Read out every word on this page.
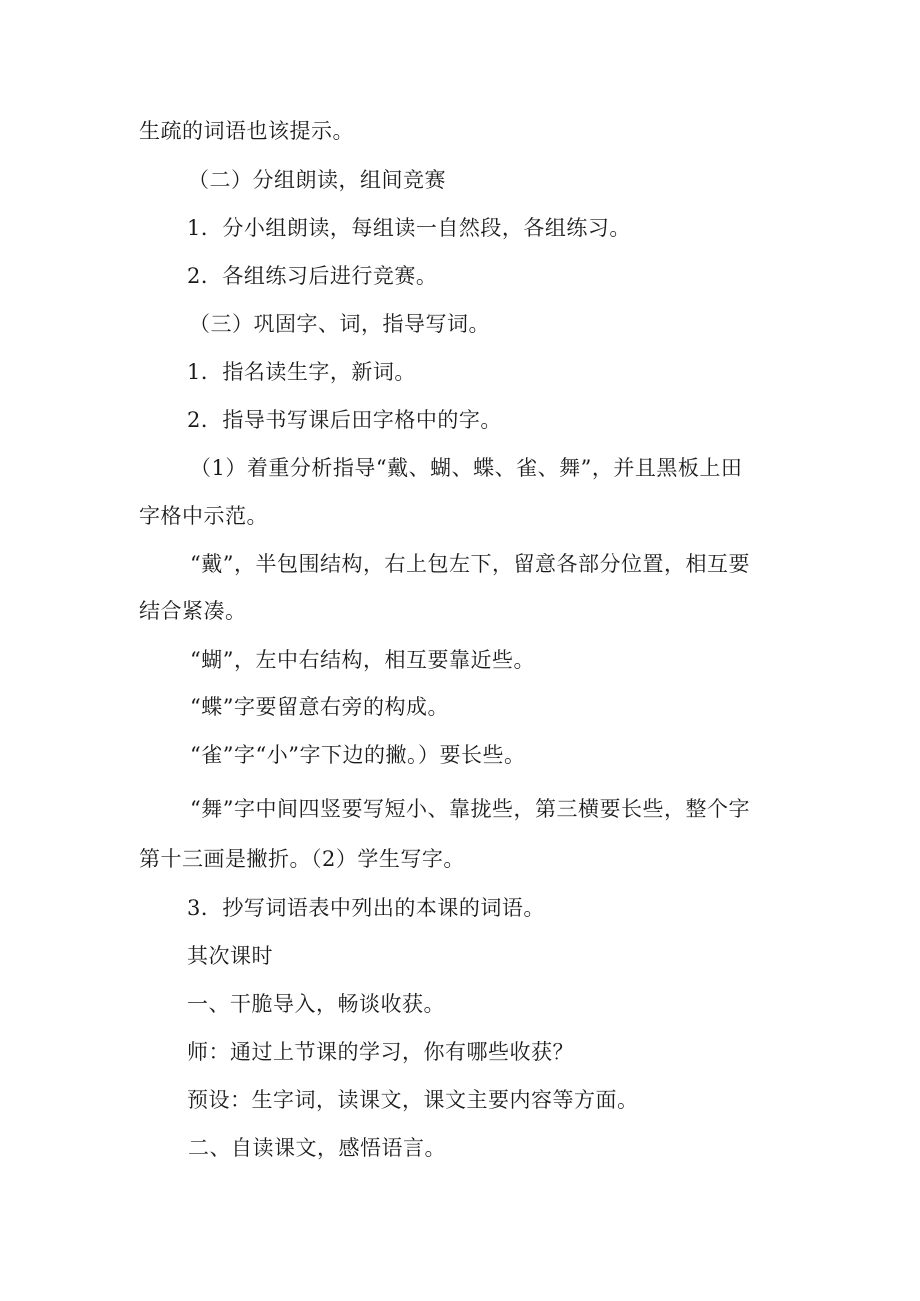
生疏的词语也该提示。
（二）分组朗读，组间竞赛
1．分小组朗读，每组读一自然段，各组练习。
2．各组练习后进行竞赛。
（三）巩固字、词，指导写词。
1．指名读生字，新词。
2．指导书写课后田字格中的字。
（1）着重分析指导“戴、蝴、蝶、雀、舞”，并且黑板上田
字格中示范。
“戴”，半包围结构，右上包左下，留意各部分位置，相互要
结合紧凑。
“蝴”，左中右结构，相互要靠近些。
“蝶”字要留意右旁的构成。
“雀”字“小”字下边的撇。）要长些。
“舞”字中间四竖要写短小、靠拢些，第三横要长些，整个字
第十三画是撇折。（2）学生写字。
3．抄写词语表中列出的本课的词语。
其次课时
一、干脆导入，畅谈收获。
师：通过上节课的学习，你有哪些收获？
预设：生字词，读课文，课文主要内容等方面。
二、自读课文，感悟语言。
